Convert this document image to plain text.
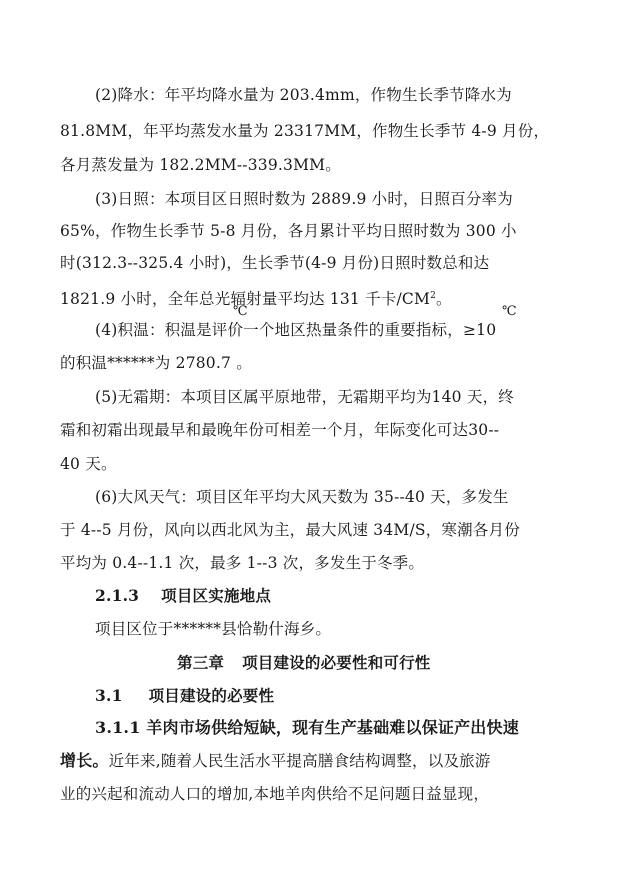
(2)降水：年平均降水量为 203.4mm，作物生长季节降水为
81.8MM，年平均蒸发水量为 23317MM，作物生长季节 4-9 月份，
各月蒸发量为 182.2MM--339.3MM。
(3)日照：本项目区日照时数为 2889.9 小时，日照百分率为
65%，作物生长季节 5-8 月份，各月累计平均日照时数为 300 小
时(312.3--325.4 小时)，生长季节(4-9 月份)日照时数总和达
1821.9 小时，全年总光辐射量平均达 131 千卡$/CM^2$。
℃	℃
(4)积温：积温是评价一个地区热量条件的重要指标，≥10
的积温******为 2780.7 。
(5)无霜期：本项目区属平原地带，无霜期平均为140 天，终
霜和初霜出现最早和最晚年份可相差一个月，年际变化可达30--
40 天。
(6)大风天气：项目区年平均大风天数为 35--40 天，多发生
于 4--5 月份，风向以西北风为主，最大风速 34M/S，寒潮各月份
平均为 0.4--1.1 次，最多 1--3 次，多发生于冬季。
2.1.3 项目区实施地点
项目区位于******县恰勒什海乡。
第三章 项目建设的必要性和可行性
3.1 项目建设的必要性
3.1.1 羊肉市场供给短缺，现有生产基础难以保证产出快速
增长。近年来,随着人民生活水平提高膳食结构调整，以及旅游
业的兴起和流动人口的增加,本地羊肉供给不足问题日益显现，
